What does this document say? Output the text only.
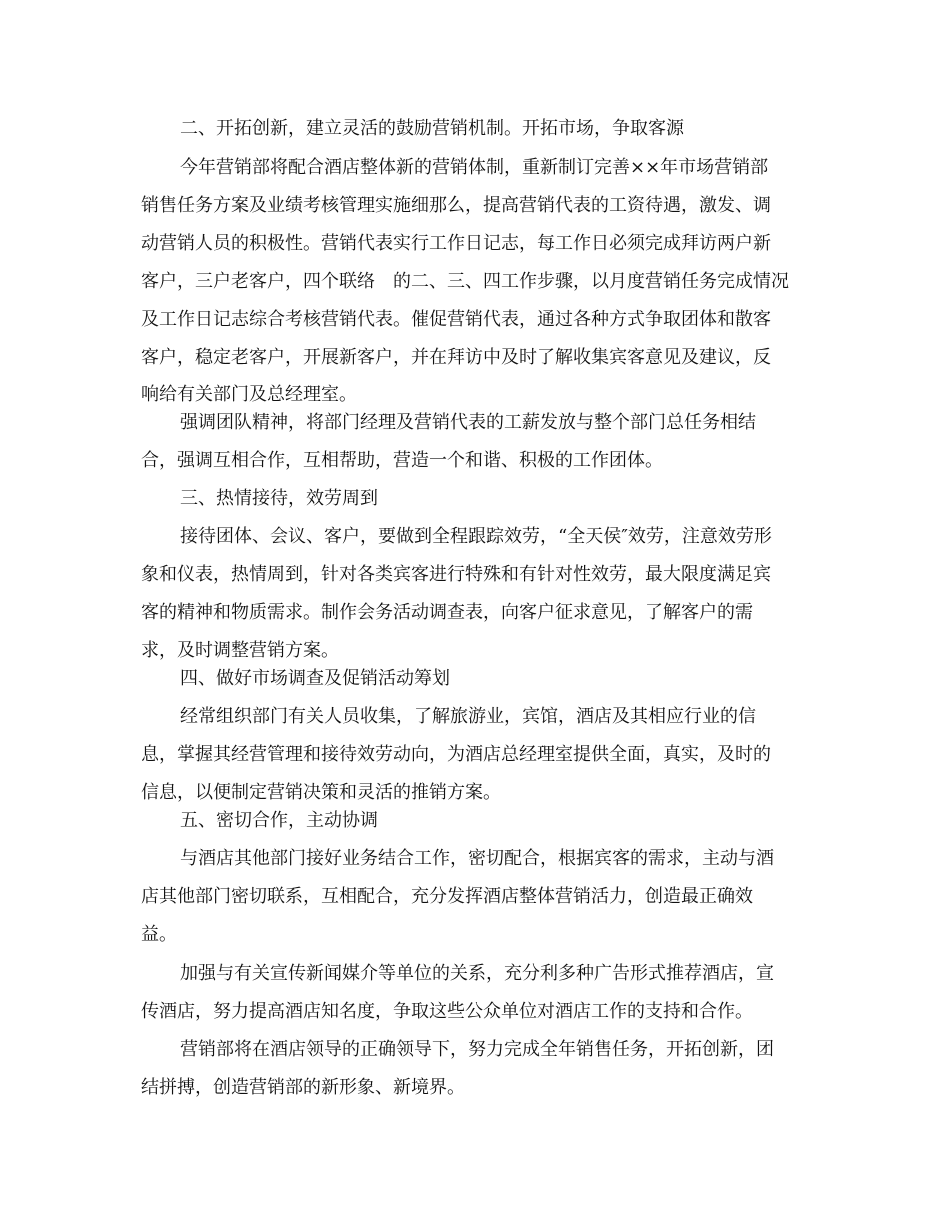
二、开拓创新，建立灵活的鼓励营销机制。开拓市场，争取客源
今年营销部将配合酒店整体新的营销体制，重新制订完善××年市场营销部
销售任务方案及业绩考核管理实施细那么，提高营销代表的工资待遇，激发、调
动营销人员的积极性。营销代表实行工作日记志，每工作日必须完成拜访两户新
客户，三户老客户，四个联络　的二、三、四工作步骤，以月度营销任务完成情况
及工作日记志综合考核营销代表。催促营销代表，通过各种方式争取团体和散客
客户，稳定老客户，开展新客户，并在拜访中及时了解收集宾客意见及建议，反
响给有关部门及总经理室。
强调团队精神，将部门经理及营销代表的工薪发放与整个部门总任务相结
合，强调互相合作，互相帮助，营造一个和谐、积极的工作团体。
三、热情接待，效劳周到
接待团体、会议、客户，要做到全程跟踪效劳，“全天侯″效劳，注意效劳形
象和仪表，热情周到，针对各类宾客进行特殊和有针对性效劳，最大限度满足宾
客的精神和物质需求。制作会务活动调查表，向客户征求意见，了解客户的需
求，及时调整营销方案。
四、做好市场调查及促销活动筹划
经常组织部门有关人员收集，了解旅游业，宾馆，酒店及其相应行业的信
息，掌握其经营管理和接待效劳动向，为酒店总经理室提供全面，真实，及时的
信息，以便制定营销决策和灵活的推销方案。
五、密切合作，主动协调
与酒店其他部门接好业务结合工作，密切配合，根据宾客的需求，主动与酒
店其他部门密切联系，互相配合，充分发挥酒店整体营销活力，创造最正确效
益。
加强与有关宣传新闻媒介等单位的关系，充分利多种广告形式推荐酒店，宣
传酒店，努力提高酒店知名度，争取这些公众单位对酒店工作的支持和合作。
营销部将在酒店领导的正确领导下，努力完成全年销售任务，开拓创新，团
结拼搏，创造营销部的新形象、新境界。
